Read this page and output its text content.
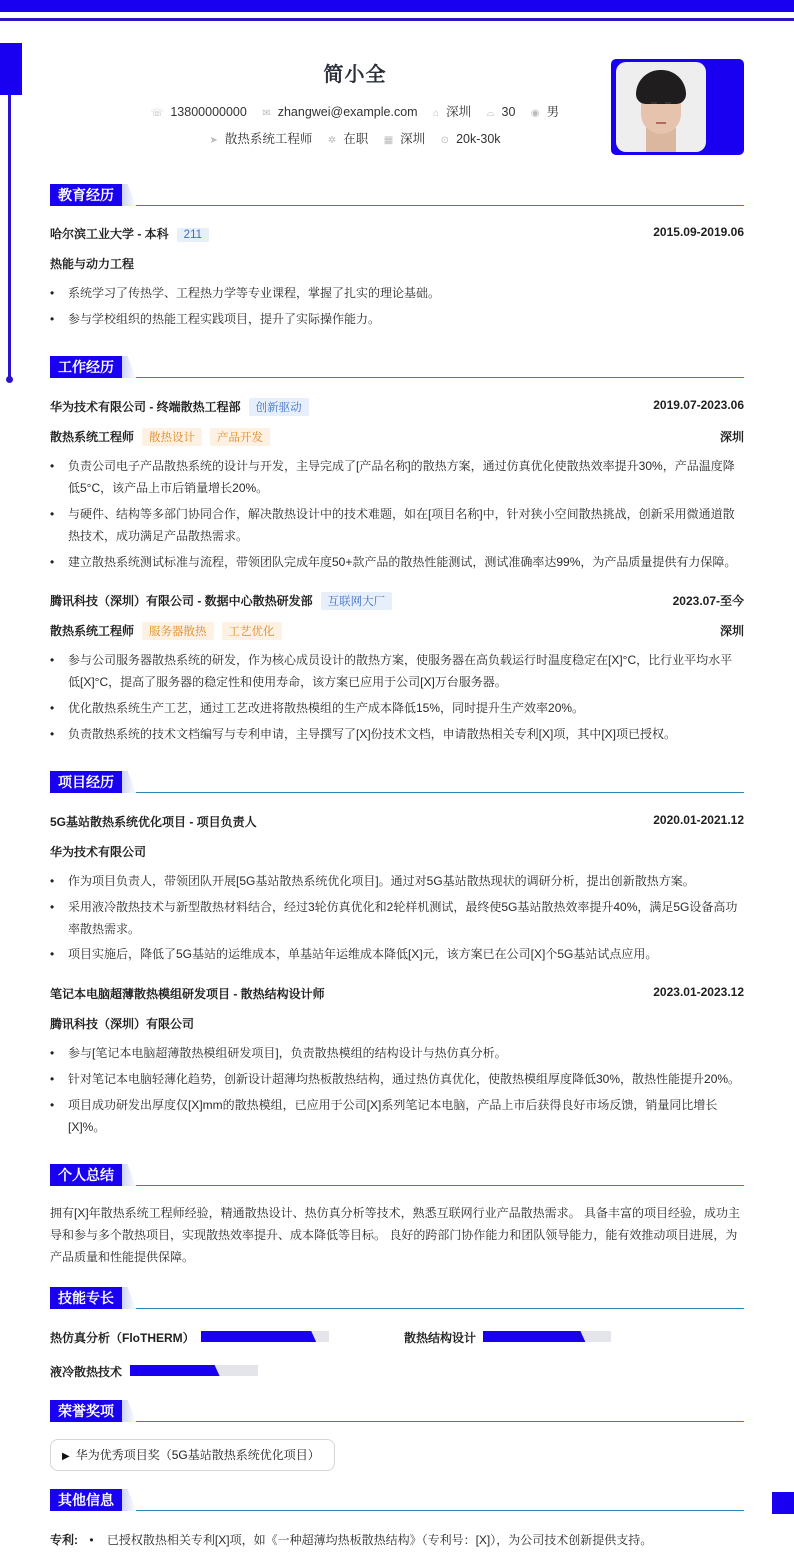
简小全
☏ 13800000000 ✉ zhangwei@example.com ⌂ 深圳 ⌓ 30 ◉ 男
➤ 散热系统工程师 ✲ 在职 ▦ 深圳 ⊙ 20k-30k
教育经历
哈尔滨工业大学 - 本科 211	2015.09-2019.06
热能与动力工程
• 系统学习了传热学、工程热力学等专业课程，掌握了扎实的理论基础。
• 参与学校组织的热能工程实践项目，提升了实际操作能力。
工作经历
华为技术有限公司 - 终端散热工程部 创新驱动	2019.07-2023.06
散热系统工程师 散热设计 产品开发	深圳
• 负责公司电子产品散热系统的设计与开发，主导完成了[产品名称]的散热方案，通过仿真优化使散热效率提升30%，产品温度降低5°C，该产品上市后销量增长20%。
• 与硬件、结构等多部门协同合作，解决散热设计中的技术难题，如在[项目名称]中，针对狭小空间散热挑战，创新采用微通道散热技术，成功满足产品散热需求。
• 建立散热系统测试标准与流程，带领团队完成年度50+款产品的散热性能测试，测试准确率达99%，为产品质量提供有力保障。
腾讯科技（深圳）有限公司 - 数据中心散热研发部 互联网大厂	2023.07-至今
散热系统工程师 服务器散热 工艺优化	深圳
• 参与公司服务器散热系统的研发，作为核心成员设计的散热方案，使服务器在高负载运行时温度稳定在[X]°C，比行业平均水平低[X]°C，提高了服务器的稳定性和使用寿命，该方案已应用于公司[X]万台服务器。
• 优化散热系统生产工艺，通过工艺改进将散热模组的生产成本降低15%，同时提升生产效率20%。
• 负责散热系统的技术文档编写与专利申请，主导撰写了[X]份技术文档，申请散热相关专利[X]项，其中[X]项已授权。
项目经历
5G基站散热系统优化项目 - 项目负责人	2020.01-2021.12
华为技术有限公司
• 作为项目负责人，带领团队开展[5G基站散热系统优化项目]。通过对5G基站散热现状的调研分析，提出创新散热方案。
• 采用液冷散热技术与新型散热材料结合，经过3轮仿真优化和2轮样机测试，最终使5G基站散热效率提升40%，满足5G设备高功率散热需求。
• 项目实施后，降低了5G基站的运维成本，单基站年运维成本降低[X]元，该方案已在公司[X]个5G基站试点应用。
笔记本电脑超薄散热模组研发项目 - 散热结构设计师	2023.01-2023.12
腾讯科技（深圳）有限公司
• 参与[笔记本电脑超薄散热模组研发项目]，负责散热模组的结构设计与热仿真分析。
• 针对笔记本电脑轻薄化趋势，创新设计超薄均热板散热结构，通过热仿真优化，使散热模组厚度降低30%，散热性能提升20%。
• 项目成功研发出厚度仅[X]mm的散热模组，已应用于公司[X]系列笔记本电脑，产品上市后获得良好市场反馈，销量同比增长[X]%。
个人总结
拥有[X]年散热系统工程师经验，精通散热设计、热仿真分析等技术，熟悉互联网行业产品散热需求。 具备丰富的项目经验，成功主导和参与多个散热项目，实现散热效率提升、成本降低等目标。 良好的跨部门协作能力和团队领导能力，能有效推动项目进展，为产品质量和性能提供保障。
技能专长
热仿真分析（FloTHERM）	散热结构设计
液冷散热技术
荣誉奖项
▶ 华为优秀项目奖（5G基站散热系统优化项目）
其他信息
专利: • 已授权散热相关专利[X]项，如《一种超薄均热板散热结构》（专利号：[X]），为公司技术创新提供支持。
